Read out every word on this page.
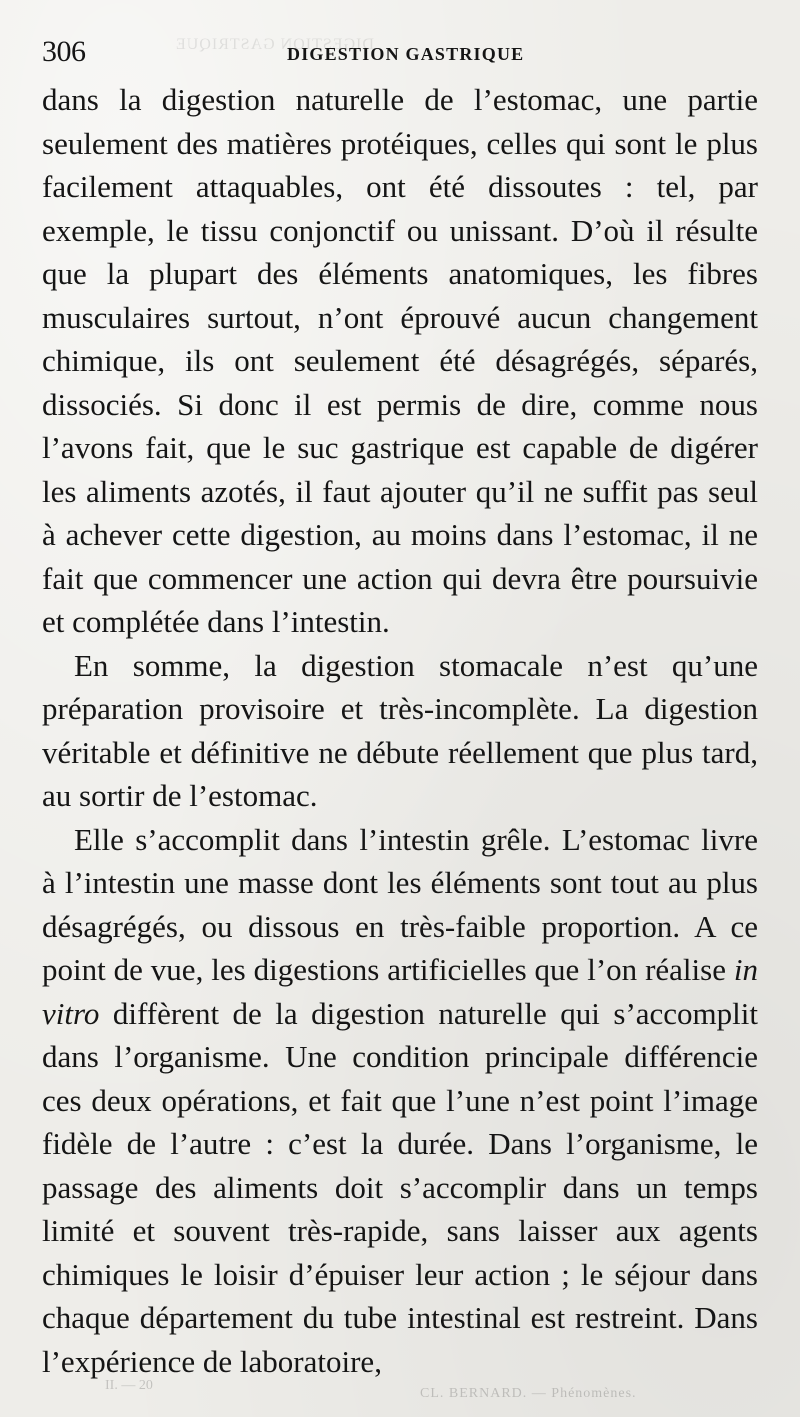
DIGESTION GASTRIQUE
306	DIGESTION GASTRIQUE

dans la digestion naturelle de l’estomac, une partie seulement des matières protéiques, celles qui sont le plus facilement attaquables, ont été dissoutes : tel, par exemple, le tissu conjonctif ou unissant. D’où il résulte que la plupart des éléments anatomiques, les fibres musculaires surtout, n’ont éprouvé aucun changement chimique, ils ont seulement été désagrégés, séparés, dissociés. Si donc il est permis de dire, comme nous l’avons fait, que le suc gastrique est capable de digérer les aliments azotés, il faut ajouter qu’il ne suffit pas seul à achever cette digestion, au moins dans l’estomac, il ne fait que commencer une action qui devra être poursuivie et complétée dans l’intestin.

En somme, la digestion stomacale n’est qu’une préparation provisoire et très-incomplète. La digestion véritable et définitive ne débute réellement que plus tard, au sortir de l’estomac.

Elle s’accomplit dans l’intestin grêle. L’estomac livre à l’intestin une masse dont les éléments sont tout au plus désagrégés, ou dissous en très-faible proportion. A ce point de vue, les digestions artificielles que l’on réalise in vitro diffèrent de la digestion naturelle qui s’accomplit dans l’organisme. Une condition principale différencie ces deux opérations, et fait que l’une n’est point l’image fidèle de l’autre : c’est la durée. Dans l’organisme, le passage des aliments doit s’accomplir dans un temps limité et souvent très-rapide, sans laisser aux agents chimiques le loisir d’épuiser leur action ; le séjour dans chaque département du tube intestinal est restreint. Dans l’expérience de laboratoire,

II. — 20
CL. BERNARD. — Phénomènes.
